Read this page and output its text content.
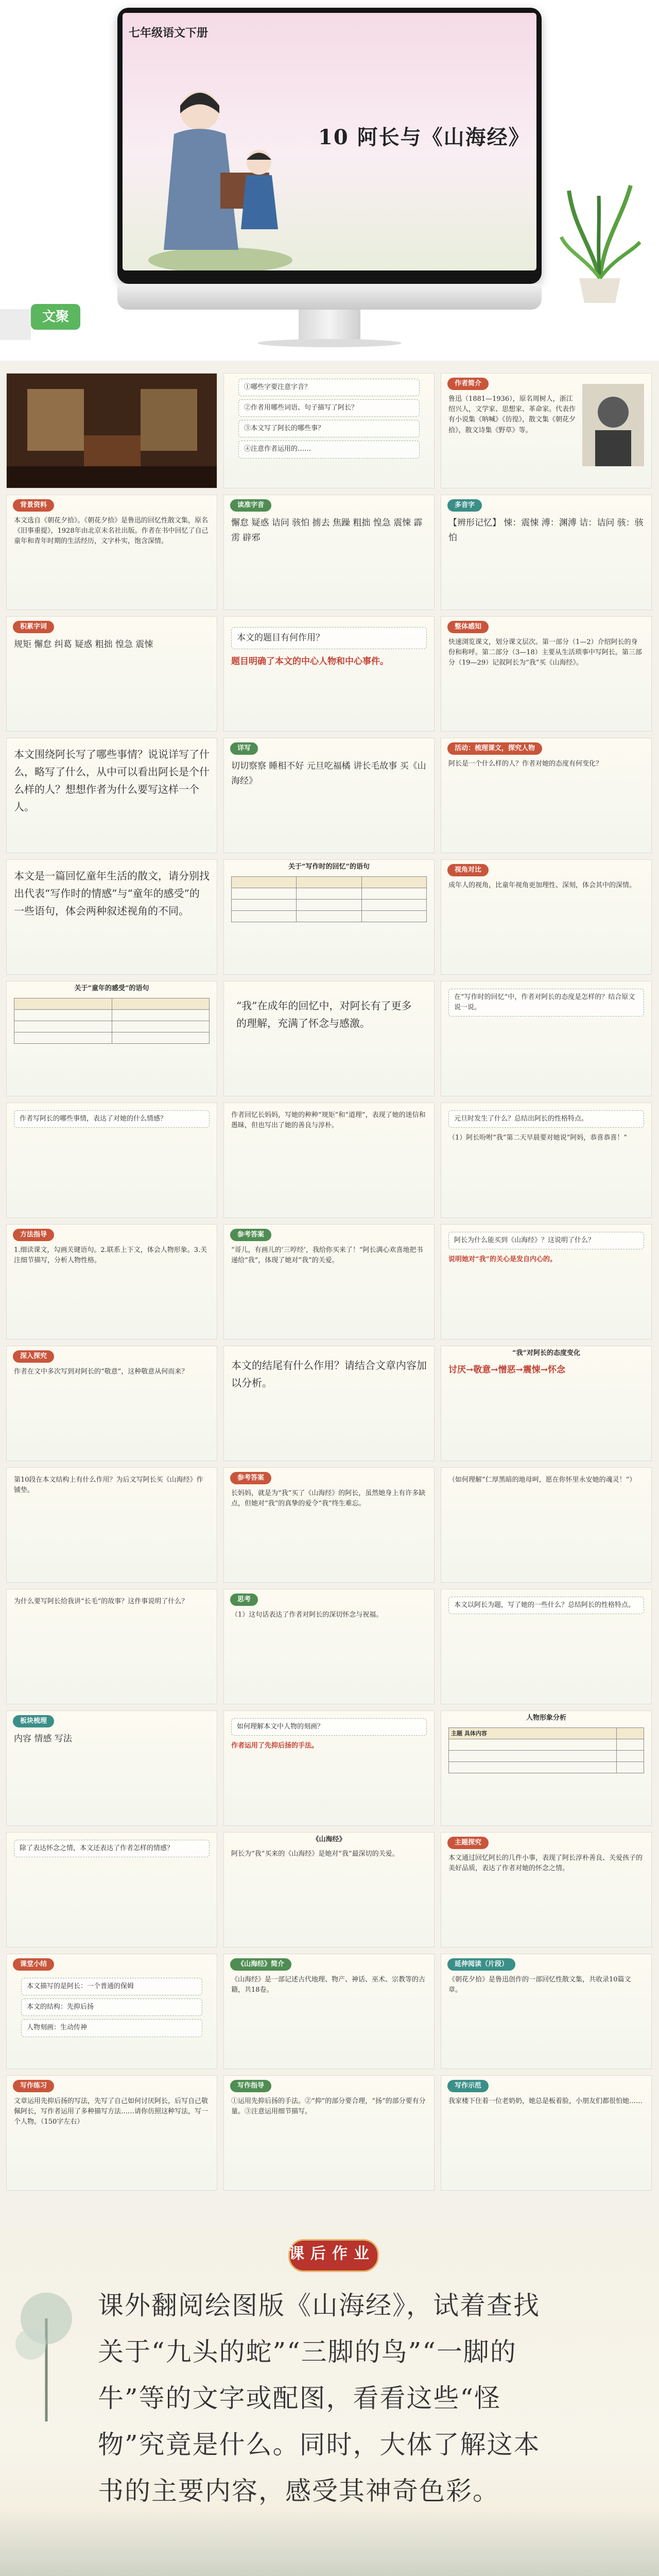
七年级语文下册
10 阿长与《山海经》
文聚
①哪些字要注意字音？
②作者用哪些词语、句子描写了阿长？
③本文写了阿长的哪些事？
④注意作者运用的……
作者简介
鲁迅（1881—1936），原名周树人，浙江绍兴人，文学家、思想家、革命家。代表作有小说集《呐喊》《彷徨》，散文集《朝花夕拾》，散文诗集《野草》等。
背景资料
本文选自《朝花夕拾》。《朝花夕拾》是鲁迅的回忆性散文集，原名《旧事重提》，1928年由北京未名社出版。作者在书中回忆了自己童年和青年时期的生活经历，文字朴实，饱含深情。
读准字音
懈怠 疑惑 诘问 骇怕 掳去 焦躁 粗拙 惶急 震悚 霹雳 辟邪
多音字
【辨形记忆】 悚：震悚 溥：渊溥 诘：诘问 骇：骇怕
积累字词
规矩 懈怠 纠葛 疑惑 粗拙 惶急 震悚
本文的题目有何作用？
题目明确了本文的中心人物和中心事件。
整体感知
快速浏览课文，划分课文层次。第一部分（1—2）介绍阿长的身份和称呼。第二部分（3—18）主要从生活琐事中写阿长。第三部分（19—29）记叙阿长为“我”买《山海经》。
本文围绕阿长写了哪些事情？说说详写了什么，略写了什么，从中可以看出阿长是个什么样的人？想想作者为什么要写这样一个人。
详写
切切察察 睡相不好 元旦吃福橘 讲长毛故事 买《山海经》
活动：梳理课文，探究人物
阿长是一个什么样的人？作者对她的态度有何变化？
本文是一篇回忆童年生活的散文，请分别找出代表“写作时的情感”与“童年的感受”的一些语句，体会两种叙述视角的不同。
关于“写作时的回忆”的语句

			视角对比
成年人的视角，比童年视角更加理性、深刻，体会其中的深情。
关于“童年的感受”的语句

“我”在成年的回忆中，对阿长有了更多的理解，充满了怀念与感激。
在“写作时的回忆”中，作者对阿长的态度是怎样的？结合原文说一说。
作者写阿长的哪些事情，表达了对她的什么情感？	作者回忆长妈妈，写她的种种“规矩”和“道理”，表现了她的迷信和愚昧，但也写出了她的善良与淳朴。
元旦时发生了什么？总结出阿长的性格特点。
（1）阿长吩咐“我”第二天早晨要对她说“阿妈，恭喜恭喜！”
方法指导
1.细读课文，勾画关键语句。2.联系上下文，体会人物形象。3.关注细节描写，分析人物性格。
参考答案
“哥儿，有画儿的‘三哼经’，我给你买来了！”阿长满心欢喜地把书递给“我”，体现了她对“我”的关爱。
阿长为什么能买到《山海经》？这说明了什么？
说明她对“我”的关心是发自内心的。
深入探究
作者在文中多次写到对阿长的“敬意”，这种敬意从何而来？
本文的结尾有什么作用？请结合文章内容加以分析。
“我”对阿长的态度变化
讨厌→敬意→憎恶→震悚→怀念
第10段在本文结构上有什么作用？为后文写阿长买《山海经》作铺垫。
参考答案
长妈妈，就是为“我”买了《山海经》的阿长，虽然她身上有许多缺点，但她对“我”的真挚的爱令“我”终生难忘。
（如何理解“仁厚黑暗的地母呵，愿在你怀里永安她的魂灵！”）
为什么要写阿长给我讲“长毛”的故事？这件事说明了什么？	思考
（1）这句话表达了作者对阿长的深切怀念与祝福。
本文以阿长为题，写了她的一些什么？总结阿长的性格特点。
板块梳理
内容 情感 写法
如何理解本文中人物的刻画？
作者运用了先抑后扬的手法。
人物形象分析
主题 具体内容	

除了表达怀念之情，本文还表达了作者怎样的情感？
《山海经》
阿长为“我”买来的《山海经》是她对“我”最深切的关爱。
主题探究
本文通过回忆阿长的几件小事，表现了阿长淳朴善良、关爱孩子的美好品质，表达了作者对她的怀念之情。
课堂小结
本文描写的是阿长：一个普通的保姆
本文的结构：先抑后扬
人物刻画：生动传神
《山海经》简介
《山海经》是一部记述古代地理、物产、神话、巫术、宗教等的古籍，共18卷。
延伸阅读（片段）
《朝花夕拾》是鲁迅创作的一部回忆性散文集，共收录10篇文章。
写作练习
文章运用先抑后扬的写法，先写了自己如何讨厌阿长，后写自己敬佩阿长，写作者运用了多种描写方法……请你仿照这种写法，写一个人物。（150字左右）
写作指导
①运用先抑后扬的手法。②“抑”的部分要合理，“扬”的部分要有分量。③注意运用细节描写。
写作示范
我家楼下住着一位老奶奶，她总是板着脸，小朋友们都很怕她……
课后作业
课外翻阅绘图版《山海经》，试着查找关于“九头的蛇”“三脚的鸟”“一脚的牛”等的文字或配图，看看这些“怪物”究竟是什么。同时，大体了解这本书的主要内容，感受其神奇色彩。
